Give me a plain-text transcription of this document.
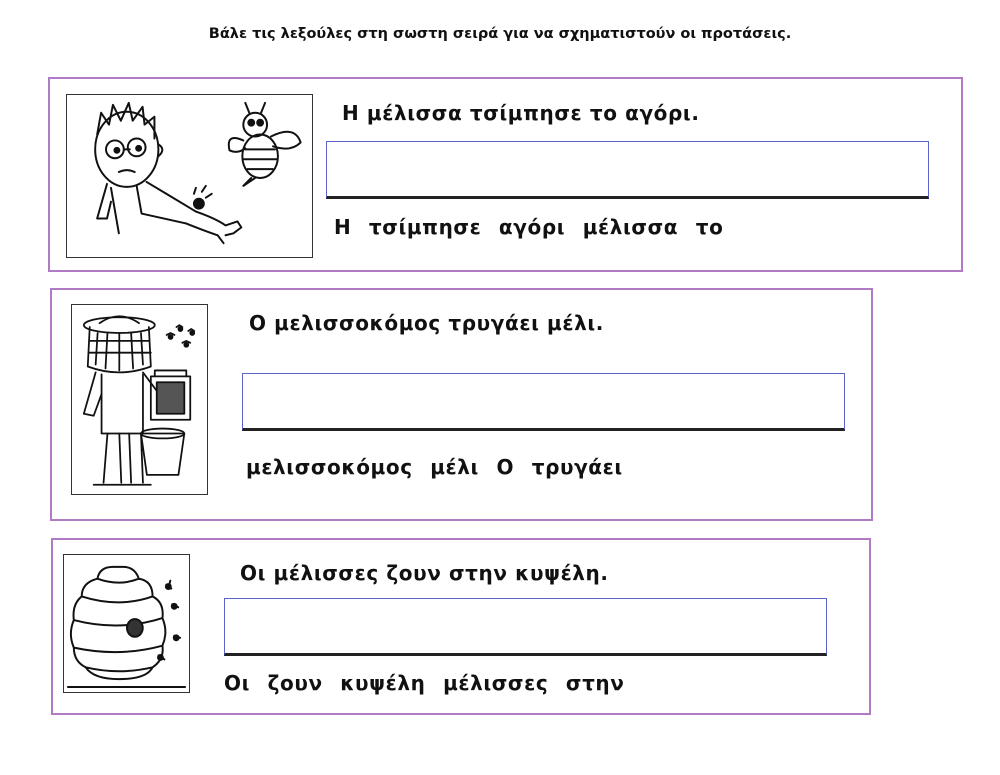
Βάλε τις λεξούλες στη σωστη σειρά για να σχηματιστούν οι προτάσεις.
Η μέλισσα τσίμπησε το αγόρι.
Η τσίμπησε αγόρι μέλισσα το
Ο μελισσοκόμος τρυγάει μέλι.
μελισσοκόμος μέλι Ο τρυγάει
Οι μέλισσες ζουν στην κυψέλη.
Οι ζουν κυψέλη μέλισσες στην
